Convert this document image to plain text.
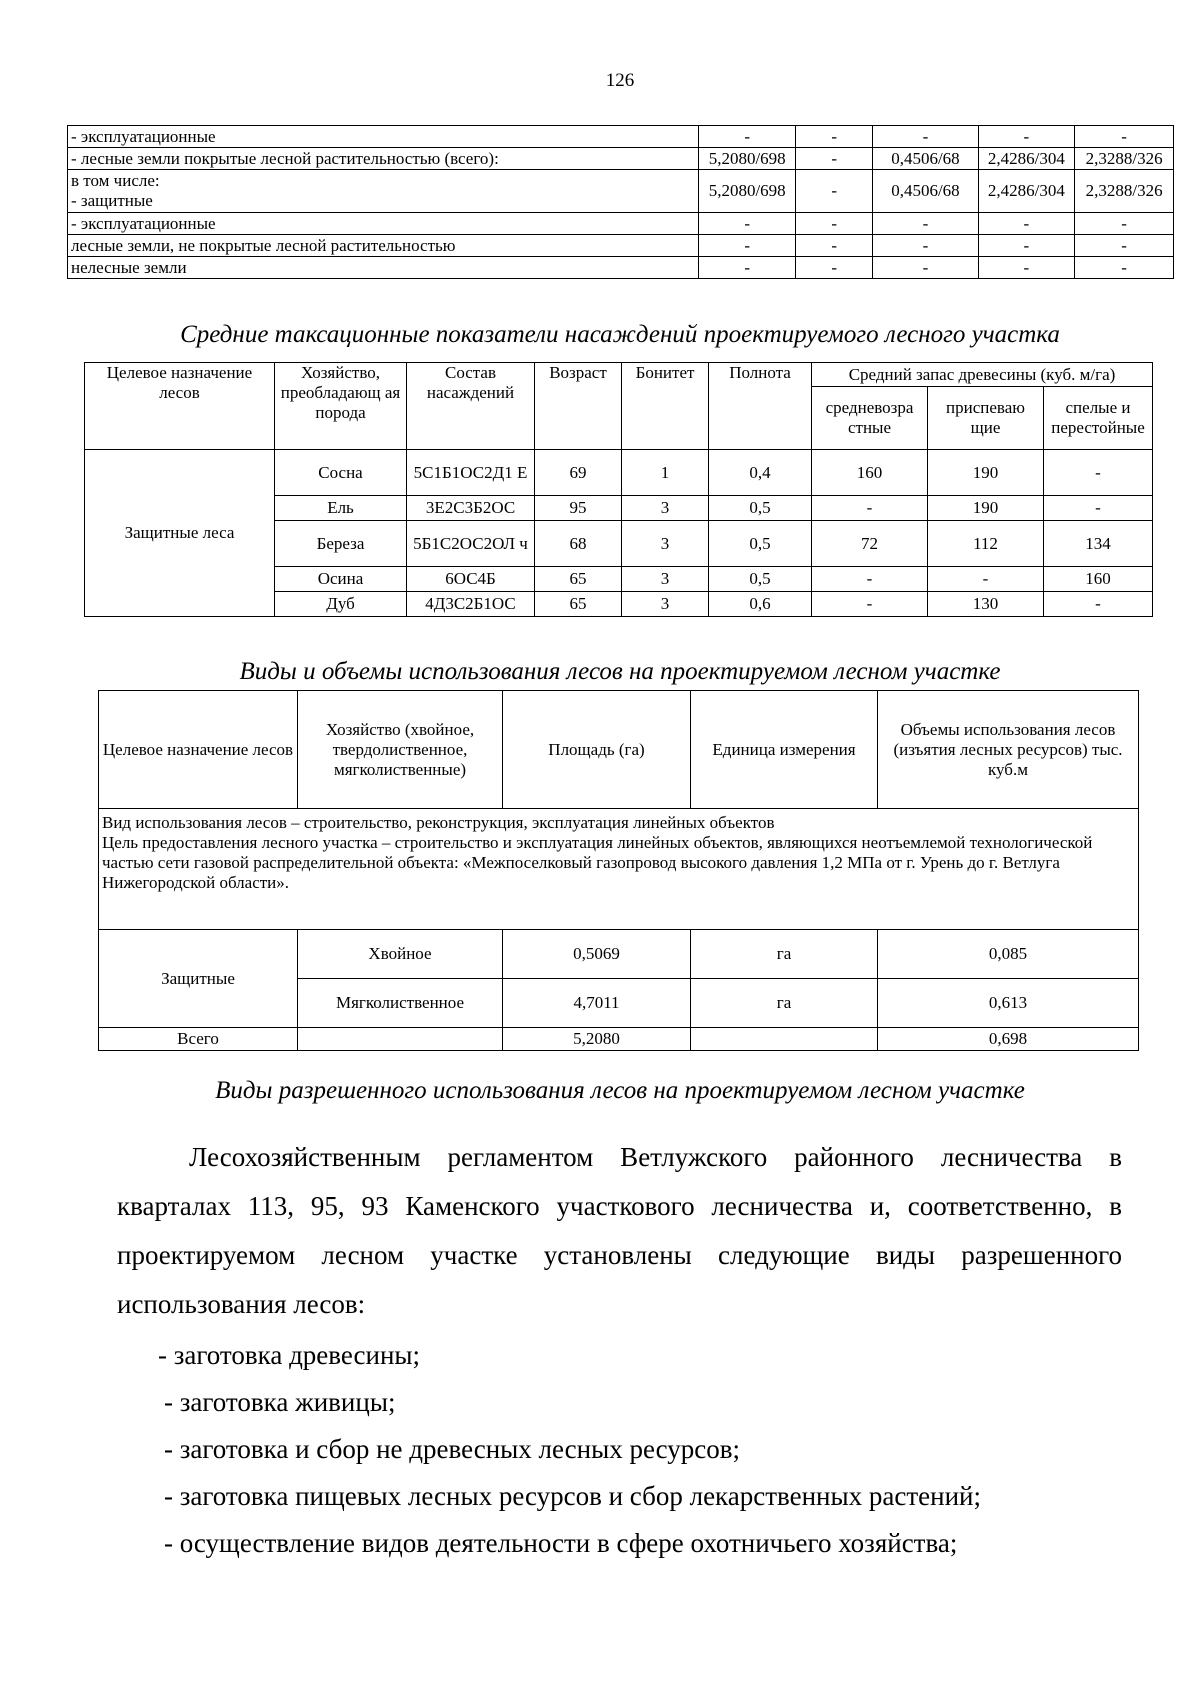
126
- эксплуатационные	-	-	-	-	-
- лесные земли покрытые лесной растительностью (всего):	5,2080/698	-	0,4506/68	2,4286/304	2,3288/326

в том числе:
- защитные	5,2080/698	-	0,4506/68	2,4286/304	2,3288/326
- эксплуатационные	-	-	-	-	-
лесные земли, не покрытые лесной растительностью	-	-	-	-	-
нелесные земли	-	-	-	-	-
Средние таксационные показатели насаждений проектируемого лесного участка
Целевое назначение лесов	Хозяйство, преобладающ ая порода	Состав насаждений	Возраст	Бонитет	Полнота	Средний запас древесины (куб. м/га)		
						средневозра стные	приспеваю щие	спелые и перестойные
Защитные леса	Сосна	5С1Б1ОС2Д1 Е	69	1	0,4	160	190	-
	Ель	3Е2С3Б2ОС	95	3	0,5	-	190	-
	Береза	5Б1С2ОС2ОЛ ч	68	3	0,5	72	112	134
	Осина	6ОС4Б	65	3	0,5	-	-	160
	Дуб	4Д3С2Б1ОС	65	3	0,6	-	130	-
Виды и объемы использования лесов на проектируемом лесном участке
Целевое назначение лесов	Хозяйство (хвойное, твердолиственное, мягколиственные)	Площадь (га)	Единица измерения	Объемы использования лесов (изъятия лесных ресурсов) тыс. куб.м

Вид использования лесов – строительство, реконструкция, эксплуатация линейных объектов
Цель предоставления лесного участка – строительство и эксплуатация линейных объектов, являющихся неотъемлемой технологической частью сети газовой распределительной объекта: «Межпоселковый газопровод высокого давления 1,2 МПа от г. Урень до г. Ветлуга Нижегородской области».				

Защитные	Хвойное	0,5069	га	0,085
	Мягколиственное	4,7011	га	0,613
Всего		5,2080		0,698
Виды разрешенного использования лесов на проектируемом лесном участке
Лесохозяйственным регламентом Ветлужского районного лесничества в кварталах 113, 95, 93 Каменского участкового лесничества и, соответственно, в проектируемом лесном участке установлены следующие виды разрешенного использования лесов:
- заготовка древесины;
- заготовка живицы;
- заготовка и сбор не древесных лесных ресурсов;
- заготовка пищевых лесных ресурсов и сбор лекарственных растений;
- осуществление видов деятельности в сфере охотничьего хозяйства;
